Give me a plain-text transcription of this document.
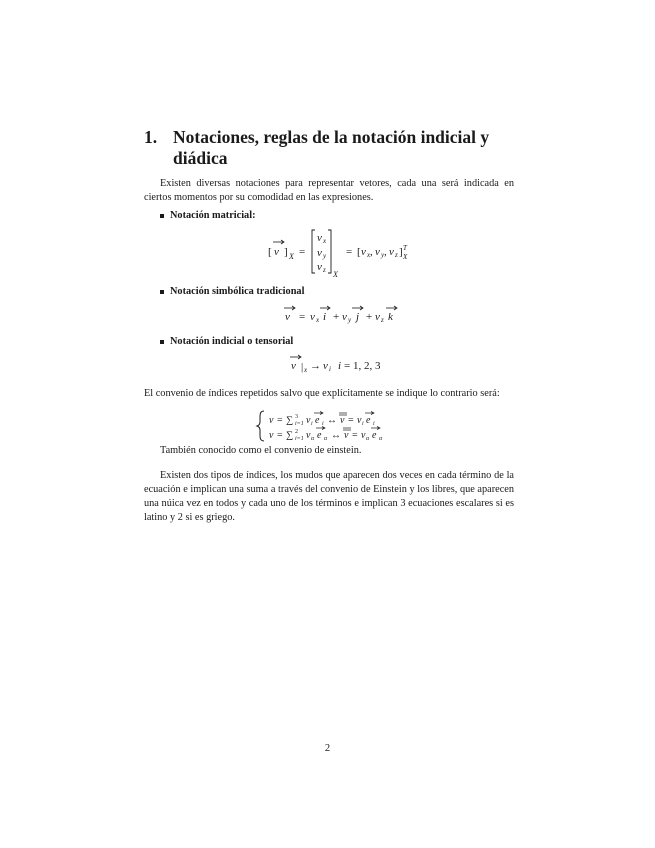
1. Notaciones, reglas de la notación indicial y diádica

Existen diversas notaciones para representar vetores, cada una será indicada en ciertos momentos por su comodidad en las expresiones.

Notación matricial:
[ v ] X =
v x
v y
v z X
= [ v x , v y , v z ] T
X
Notación simbólica tradicional
v = v x i + v y j + v z k
Notación indicial o tensorial
v | x → v i i = 1, 2, 3

El convenio de índices repetidos salvo que explícitamente se indique lo contrario será:

v = ∑ 3
i=1 v i e i ↔ v = v i e i
v = ∑ 2
i=1 v α e α ↔ v = v α e α

También conocido como el convenio de einstein.

Existen dos tipos de índices, los mudos que aparecen dos veces en cada término de la ecuación e implican una suma a través del convenio de Einstein y los libres, que aparecen una núica vez en todos y cada uno de los términos e implican 3 ecuaciones escalares si es latino y 2 si es griego.

2
